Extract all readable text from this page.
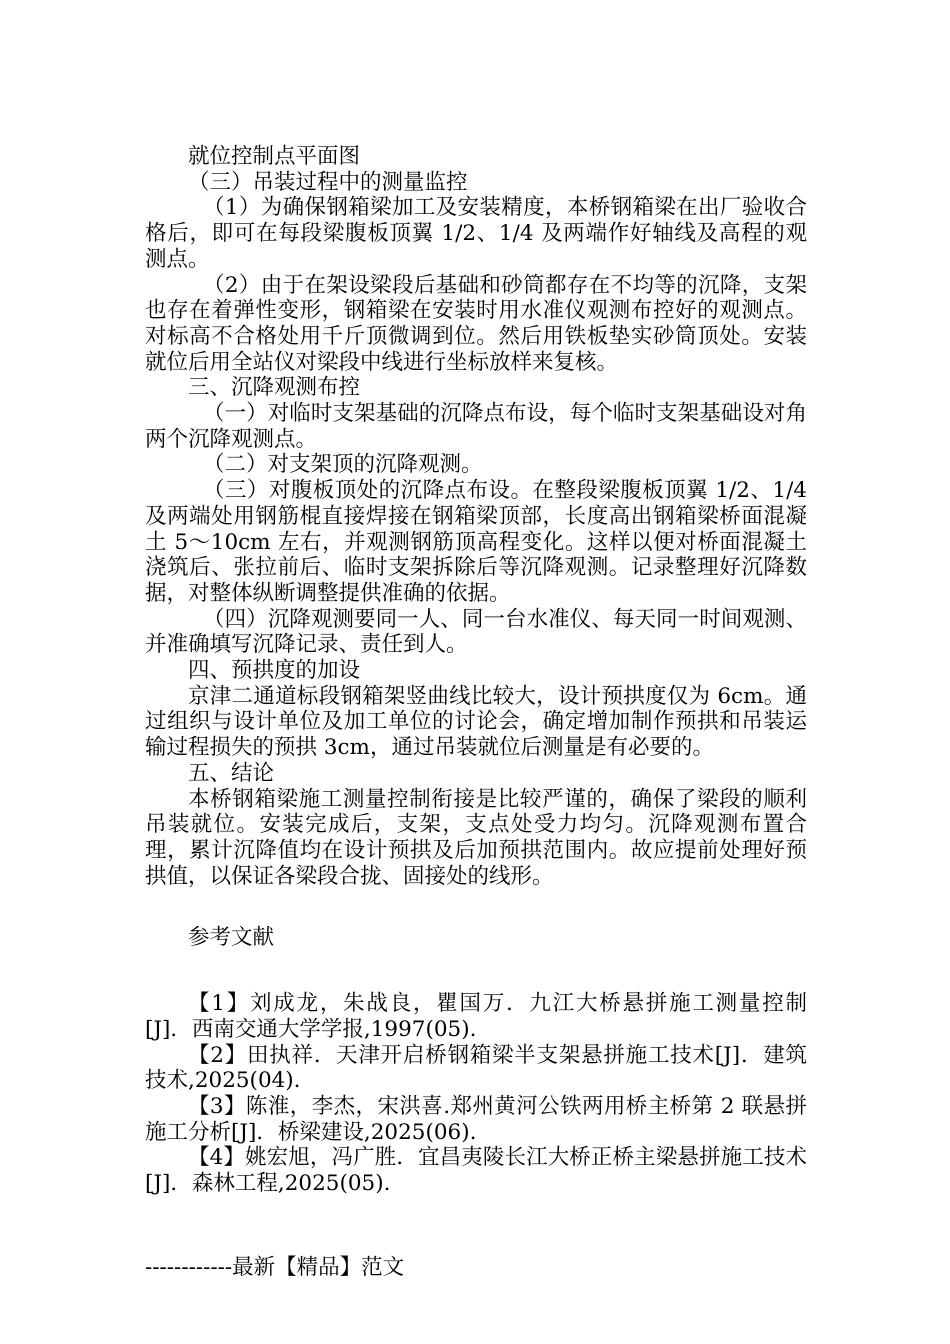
就位控制点平面图

（三）吊装过程中的测量监控

（1）为确保钢箱梁加工及安装精度，本桥钢箱梁在出厂验收合格后，即可在每段梁腹板顶翼 1/2、1/4 及两端作好轴线及高程的观测点。

（2）由于在架设梁段后基础和砂筒都存在不均等的沉降，支架也存在着弹性变形，钢箱梁在安装时用水准仪观测布控好的观测点。对标高不合格处用千斤顶微调到位。然后用铁板垫实砂筒顶处。安装就位后用全站仪对梁段中线进行坐标放样来复核。

三、沉降观测布控

（一）对临时支架基础的沉降点布设，每个临时支架基础设对角两个沉降观测点。

（二）对支架顶的沉降观测。

（三）对腹板顶处的沉降点布设。在整段梁腹板顶翼 1/2、1/4 及两端处用钢筋棍直接焊接在钢箱梁顶部，长度高出钢箱梁桥面混凝土 5～10cm 左右，并观测钢筋顶高程变化。这样以便对桥面混凝土浇筑后、张拉前后、临时支架拆除后等沉降观测。记录整理好沉降数据，对整体纵断调整提供准确的依据。

（四）沉降观测要同一人、同一台水准仪、每天同一时间观测、并准确填写沉降记录、责任到人。

四、预拱度的加设

京津二通道标段钢箱架竖曲线比较大，设计预拱度仅为 6cm。通过组织与设计单位及加工单位的讨论会，确定增加制作预拱和吊装运输过程损失的预拱 3cm，通过吊装就位后测量是有必要的。

五、结论

本桥钢箱梁施工测量控制衔接是比较严谨的，确保了梁段的顺利吊装就位。安装完成后，支架，支点处受力均匀。沉降观测布置合理，累计沉降值均在设计预拱及后加预拱范围内。故应提前处理好预拱值，以保证各梁段合拢、固接处的线形。

参考文献

【1】刘成龙，朱战良，瞿国万．九江大桥悬拼施工测量控制[J]．西南交通大学学报,1997(05).

【2】田执祥．天津开启桥钢箱梁半支架悬拼施工技术[J]．建筑技术,2025(04).

【3】陈淮，李杰，宋洪喜.郑州黄河公铁两用桥主桥第 2 联悬拼施工分析[J]．桥梁建设,2025(06).

【4】姚宏旭，冯广胜．宜昌夷陵长江大桥正桥主梁悬拼施工技术[J]．森林工程,2025(05).

------------最新【精品】范文
